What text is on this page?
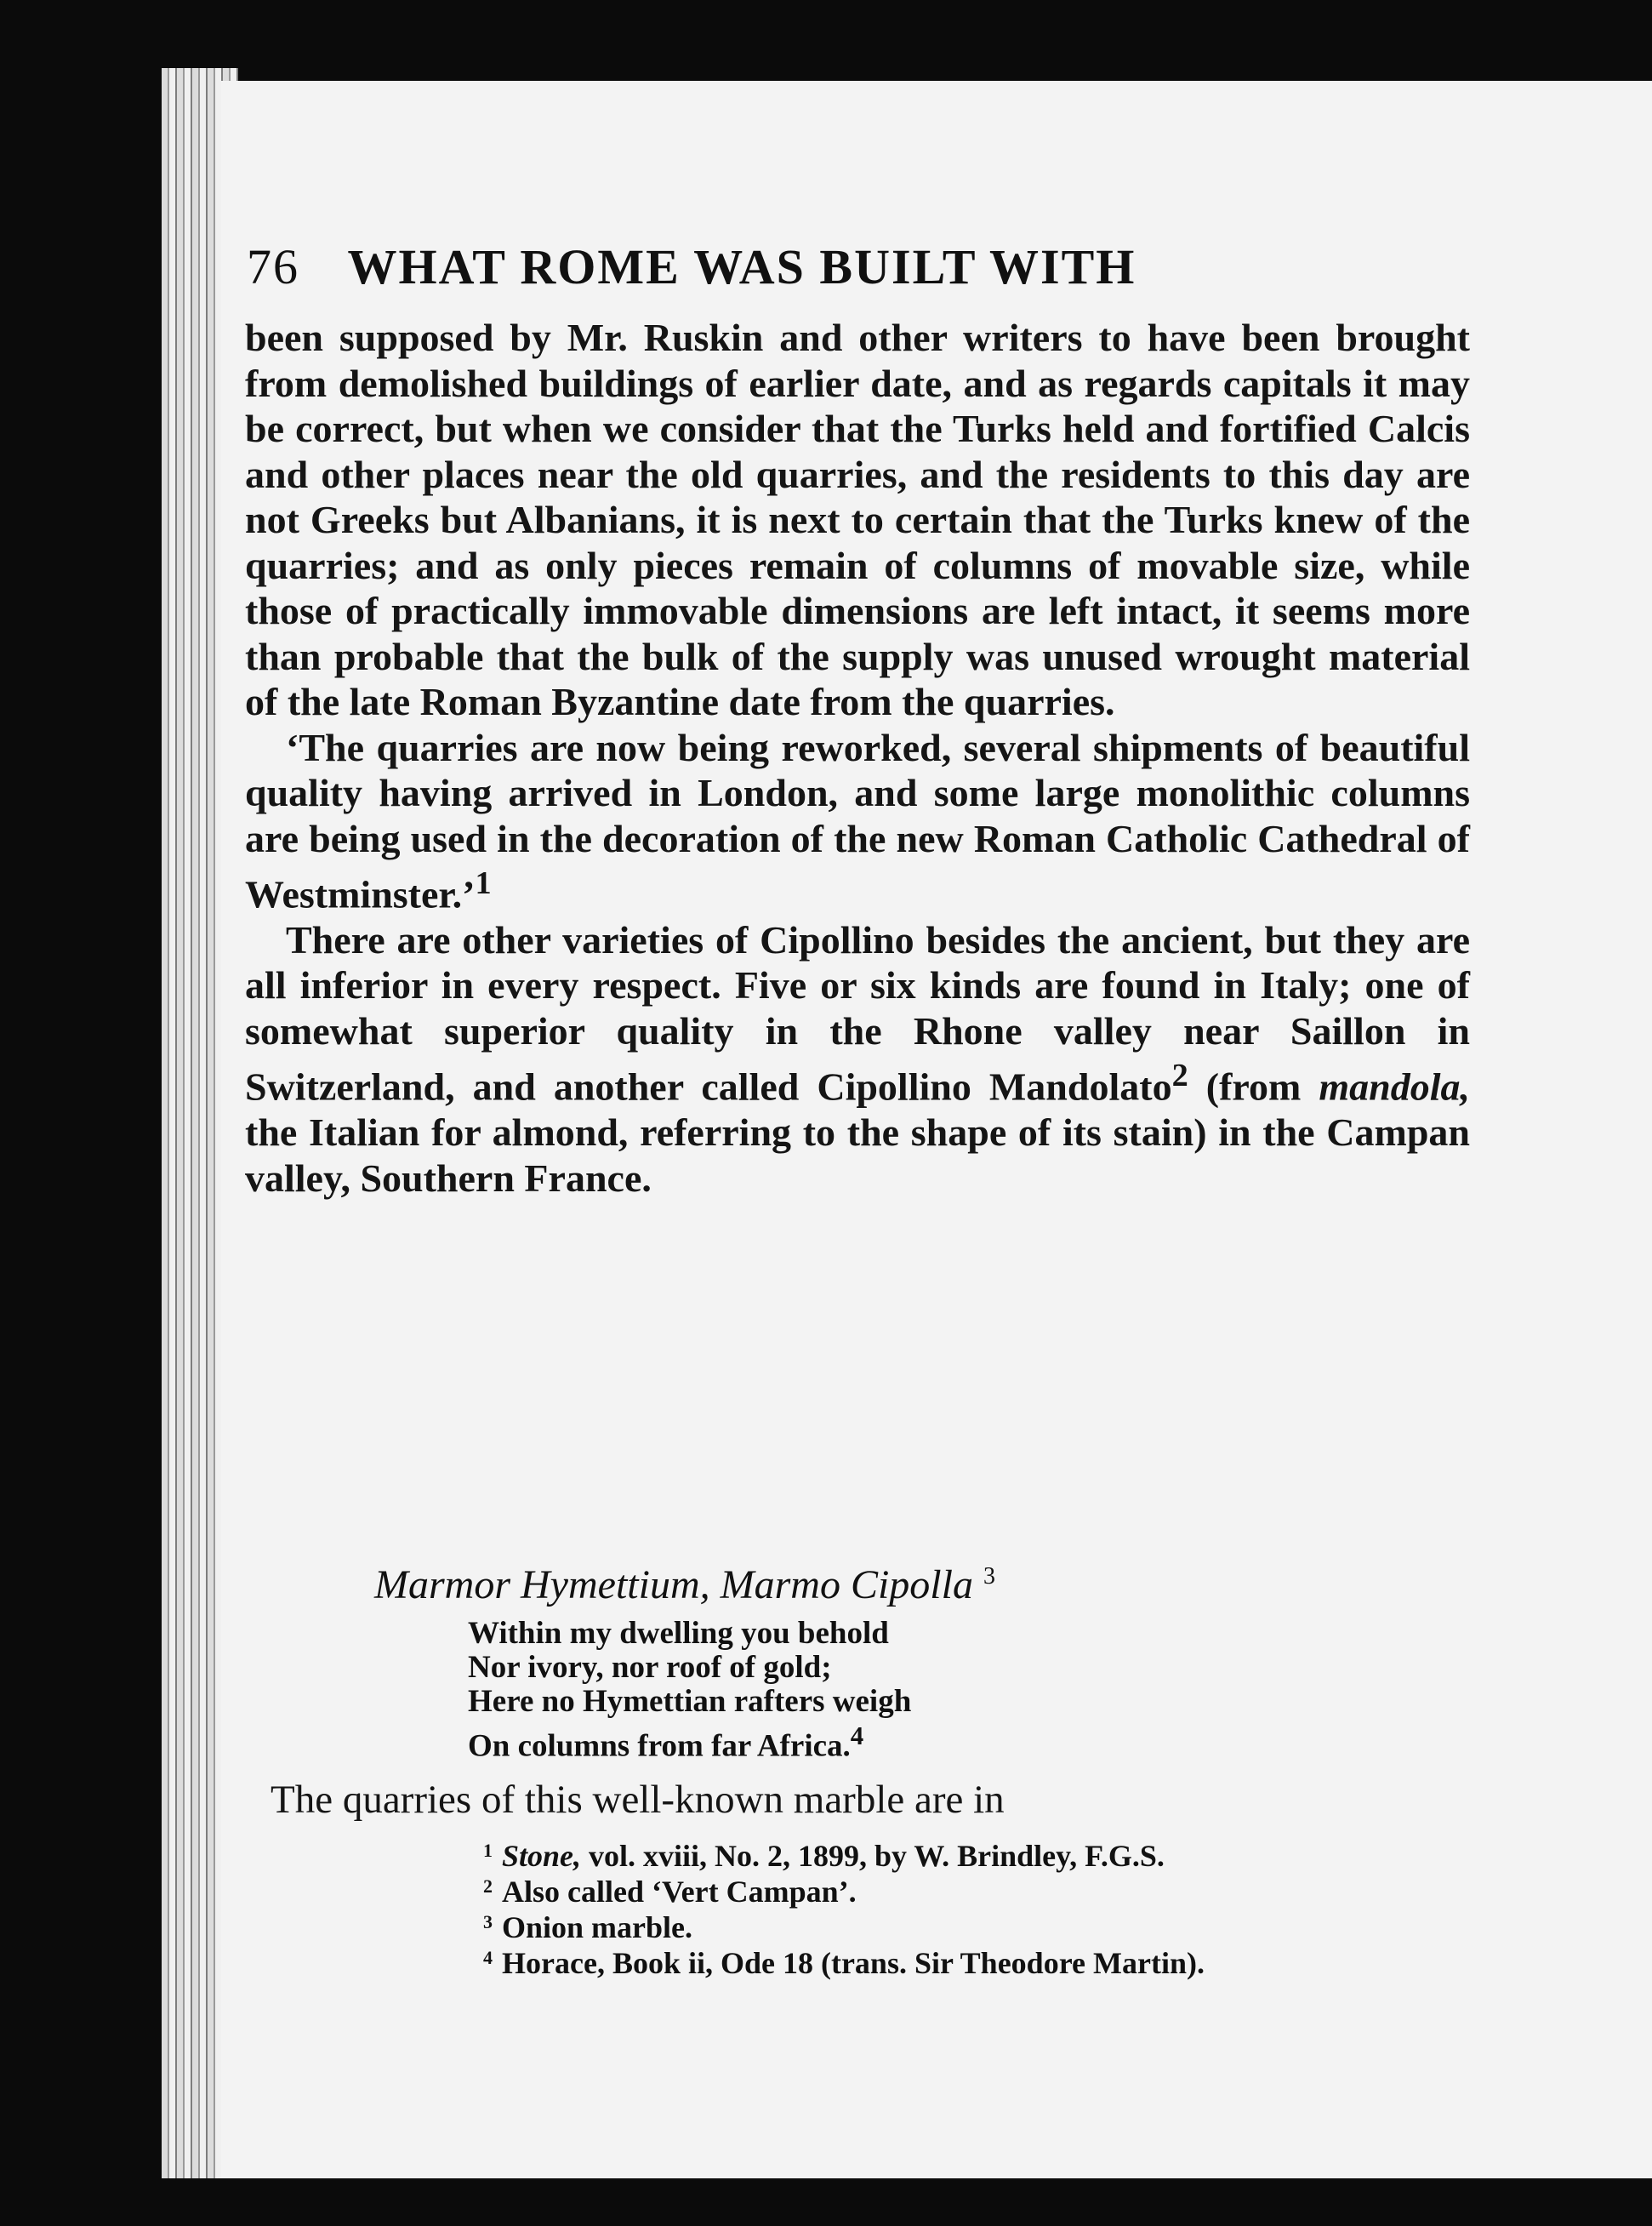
76 WHAT ROME WAS BUILT WITH

been supposed by Mr. Ruskin and other writers to have been brought from demolished buildings of earlier date, and as regards capitals it may be correct, but when we consider that the Turks held and fortified Calcis and other places near the old quarries, and the residents to this day are not Greeks but Albanians, it is next to certain that the Turks knew of the quarries; and as only pieces remain of columns of movable size, while those of practically immovable dimensions are left intact, it seems more than probable that the bulk of the supply was unused wrought material of the late Roman Byzantine date from the quarries.

‘The quarries are now being reworked, several shipments of beautiful quality having arrived in London, and some large monolithic columns are being used in the decoration of the new Roman Catholic Cathedral of Westminster.’$^1$

There are other varieties of Cipollino besides the ancient, but they are all inferior in every respect. Five or six kinds are found in Italy; one of somewhat superior quality in the Rhone valley near Saillon in Switzerland, and another called Cipollino Mandolato$^2$ (from mandola, the Italian for almond, referring to the shape of its stain) in the Campan valley, Southern France.

Marmor Hymettium, Marmo Cipolla $^3$
Within my dwelling you behold
Nor ivory, nor roof of gold;
Here no Hymettian rafters weigh
On columns from far Africa.$^4$
The quarries of this well-known marble are in
1 Stone, vol. xviii, No. 2, 1899, by W. Brindley, F.G.S.
2 Also called ‘Vert Campan’.
3 Onion marble.
4 Horace, Book ii, Ode 18 (trans. Sir Theodore Martin).
